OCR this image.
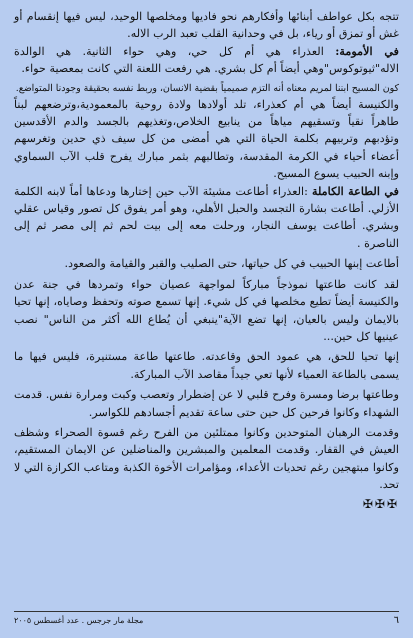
تتجه بكل عواطف أبنائها وأفكارهم نحو فاديها ومخلصها الوحيد، ليس فيها إنقسام أو غش أو تمزق أو رياء، بل في وحدانية القلب تعبد الرب الاله.

في الأمومة: العذراء هي أم كل حي، وهي حواء الثانية. هي الوالدة الاله"ثيوتوكوس"وهي أيضاً أم كل بشري. هي رفعت اللعنة التي كانت بمعصية حواء.

كون المسيح ابننا لمريم معناه أنه التزم صميمياً بقضية الانسان، وربط نفسه بحقيقة وجودنا المتواضع.

والكنيسة أيضاً هي أم كعذراء، تلد أولادها ولادة روحية بالمعمودية،وترضعهم لبناً طاهراً نقياً وتسقيهم مياهاً من ينابيع الخلاص،وتغذيهم بالجسد والدم الأقدسين وتؤدبهم وتربيهم بكلمة الحياة التي هي أمضى من كل سيف ذي حدين وتغرسهم أعضاء أحياء في الكرمة المقدسة، وتطالبهم بثمر مبارك يفرح قلب الآب السماوي وإبنه الحبيب يسوع المسيح.

في الطاعة الكاملة :العذراء أطاعت مشيئة الآب حين إختارها ودعاها أماً لابنه الكلمة الأزلي. أطاعت بشارة التجسد والحبل الأهلي، وهو أمر يفوق كل تصور وقياس عقلي وبشري. أطاعت يوسف النجار، ورحلت معه إلى بيت لحم ثم إلى مصر ثم إلى الناصرة .

أطاعت إبنها الحبيب في كل حياتها، حتى الصليب والقبر والقيامة والصعود.

لقد كانت طاعتها نموذجاً مباركاً لمواجهة عصيان حواء وتمردها في جنة عدن والكنيسة أيضاً تطيع مخلصها في كل شيء. إنها تسمع صوته وتحفظ وصاياه، إنها تحيا بالايمان وليس بالعيان، إنها تضع الآية"ينبغي أن يُطاع الله أكثر من الناس" نصب عينيها كل حين...

إنها تحيا للحق، هي عمود الحق وقاعدته. طاعتها طاعة مستنيرة، فليس فيها ما يسمى بالطاعة العمياء لأنها تعي جيداً مقاصد الآب المباركة.

وطاعتها برضا ومسرة وفرح قلبي لا عن إضطرار وتعصب وكبت ومرارة نفس. قدمت الشهداء وكانوا فرحين كل حين حتى ساعة تقديم أجسادهم للكواسر.

وقدمت الرهبان المتوحدين وكانوا ممتلئين من الفرح رغم قسوة الصحراء وشظف العيش في القفار. وقدمت المعلمين والمبشرين والمناضلين عن الايمان المستقيم، وكانوا مبتهجين رغم تحديات الأعداء، ومؤامرات الأخوة الكذبة ومتاعب الكرازة التي لا تحد.

✠✠✠
٦
مجلة مار جرجس . عدد أغسطس ٢٠٠٥
